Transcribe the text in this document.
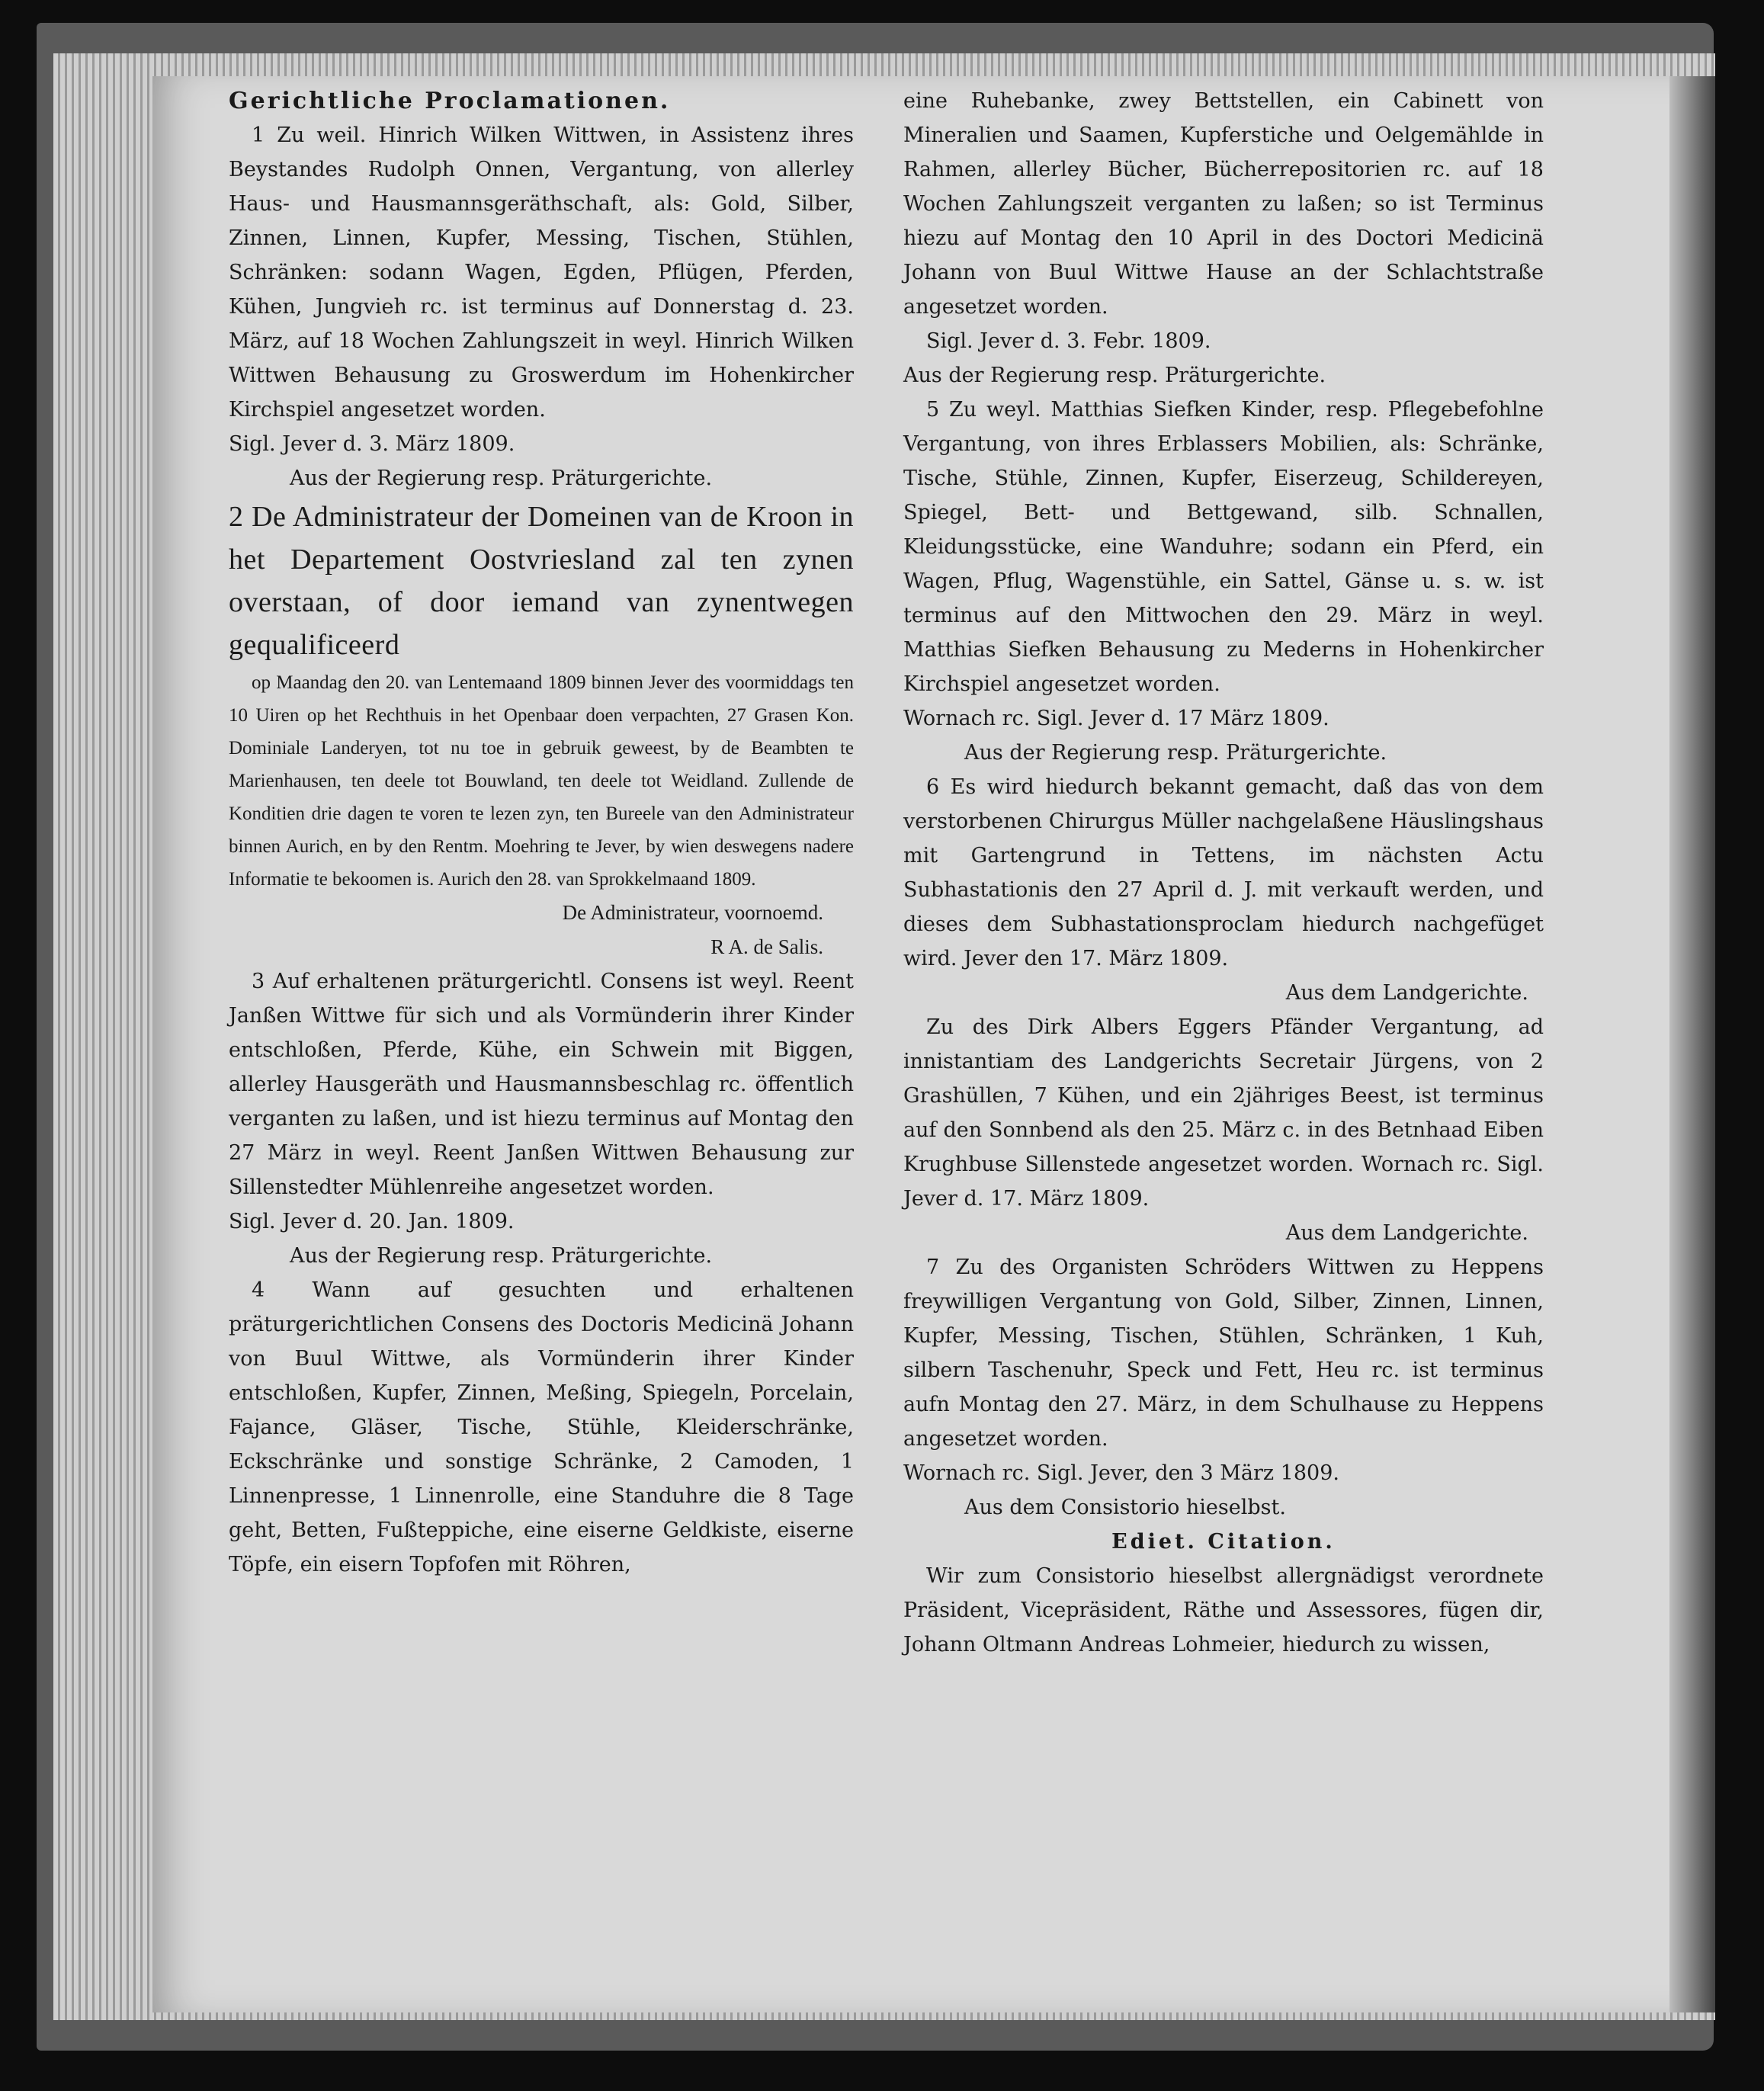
Gerichtliche Proclamationen.

1 Zu weil. Hinrich Wilken Wittwen, in Assistenz ihres Beystandes Rudolph Onnen, Vergantung, von allerley Haus- und Hausmannsgeräthschaft, als: Gold, Silber, Zinnen, Linnen, Kupfer, Messing, Tischen, Stühlen, Schränken: sodann Wagen, Egden, Pflügen, Pferden, Kühen, Jungvieh rc. ist terminus auf Donnerstag d. 23. März, auf 18 Wochen Zahlungszeit in weyl. Hinrich Wilken Wittwen Behausung zu Groswerdum im Hohenkircher Kirchspiel angesetzet worden.

Sigl. Jever d. 3. März 1809.

Aus der Regierung resp. Präturgerichte.

2 De Administrateur der Domeinen van de Kroon in het Departement Oostvriesland zal ten zynen overstaan, of door iemand van zynentwegen gequalificeerd

op Maandag den 20. van Lentemaand 1809 binnen Jever des voormiddags ten 10 Uiren op het Rechthuis in het Openbaar doen verpachten, 27 Grasen Kon. Dominiale Landeryen, tot nu toe in gebruik geweest, by de Beambten te Marienhausen, ten deele tot Bouwland, ten deele tot Weidland. Zullende de Konditien drie dagen te voren te lezen zyn, ten Bureele van den Administrateur binnen Aurich, en by den Rentm. Moehring te Jever, by wien deswegens nadere Informatie te bekoomen is. Aurich den 28. van Sprokkelmaand 1809.

De Administrateur, voornoemd.

R A. de Salis.

3 Auf erhaltenen präturgerichtl. Consens ist weyl. Reent Janßen Wittwe für sich und als Vormünderin ihrer Kinder entschloßen, Pferde, Kühe, ein Schwein mit Biggen, allerley Hausgeräth und Hausmannsbeschlag rc. öffentlich verganten zu laßen, und ist hiezu terminus auf Montag den 27 März in weyl. Reent Janßen Wittwen Behausung zur Sillenstedter Mühlenreihe angesetzet worden.

Sigl. Jever d. 20. Jan. 1809.

Aus der Regierung resp. Präturgerichte.

4 Wann auf gesuchten und erhaltenen präturgerichtlichen Consens des Doctoris Medicinä Johann von Buul Wittwe, als Vormünderin ihrer Kinder entschloßen, Kupfer, Zinnen, Meßing, Spiegeln, Porcelain, Fajance, Gläser, Tische, Stühle, Kleiderschränke, Eckschränke und sonstige Schränke, 2 Camoden, 1 Linnenpresse, 1 Linnenrolle, eine Standuhre die 8 Tage geht, Betten, Fußteppiche, eine eiserne Geldkiste, eiserne Töpfe, ein eisern Topfofen mit Röhren,

eine Ruhebanke, zwey Bettstellen, ein Cabinett von Mineralien und Saamen, Kupferstiche und Oelgemählde in Rahmen, allerley Bücher, Bücherrepositorien rc. auf 18 Wochen Zahlungszeit verganten zu laßen; so ist Terminus hiezu auf Montag den 10 April in des Doctori Medicinä Johann von Buul Wittwe Hause an der Schlachtstraße angesetzet worden.

Sigl. Jever d. 3. Febr. 1809.

Aus der Regierung resp. Präturgerichte.

5 Zu weyl. Matthias Siefken Kinder, resp. Pflegebefohlne Vergantung, von ihres Erblassers Mobilien, als: Schränke, Tische, Stühle, Zinnen, Kupfer, Eiserzeug, Schildereyen, Spiegel, Bett- und Bettgewand, silb. Schnallen, Kleidungsstücke, eine Wanduhre; sodann ein Pferd, ein Wagen, Pflug, Wagenstühle, ein Sattel, Gänse u. s. w. ist terminus auf den Mittwochen den 29. März in weyl. Matthias Siefken Behausung zu Mederns in Hohenkircher Kirchspiel angesetzet worden.

Wornach rc. Sigl. Jever d. 17 März 1809.

Aus der Regierung resp. Präturgerichte.

6 Es wird hiedurch bekannt gemacht, daß das von dem verstorbenen Chirurgus Müller nachgelaßene Häuslingshaus mit Gartengrund in Tettens, im nächsten Actu Subhastationis den 27 April d. J. mit verkauft werden, und dieses dem Subhastationsproclam hiedurch nachgefüget wird. Jever den 17. März 1809.

Aus dem Landgerichte.

Zu des Dirk Albers Eggers Pfänder Vergantung, ad innistantiam des Landgerichts Secretair Jürgens, von 2 Grashüllen, 7 Kühen, und ein 2jähriges Beest, ist terminus auf den Sonnbend als den 25. März c. in des Betnhaad Eiben Krughbuse Sillenstede angesetzet worden. Wornach rc. Sigl. Jever d. 17. März 1809.

Aus dem Landgerichte.

7 Zu des Organisten Schröders Wittwen zu Heppens freywilligen Vergantung von Gold, Silber, Zinnen, Linnen, Kupfer, Messing, Tischen, Stühlen, Schränken, 1 Kuh, silbern Taschenuhr, Speck und Fett, Heu rc. ist terminus aufn Montag den 27. März, in dem Schulhause zu Heppens angesetzet worden.

Wornach rc. Sigl. Jever, den 3 März 1809.

Aus dem Consistorio hieselbst.

Ediet. Citation.

Wir zum Consistorio hieselbst allergnädigst verordnete Präsident, Vicepräsident, Räthe und Assessores, fügen dir, Johann Oltmann Andreas Lohmeier, hiedurch zu wissen,
